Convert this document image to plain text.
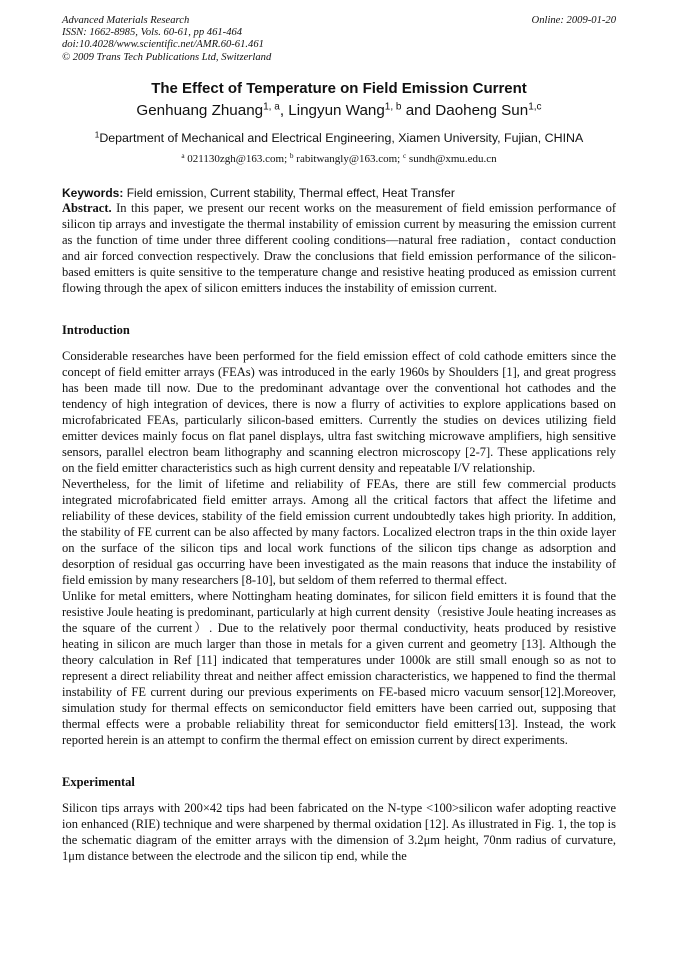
Advanced Materials Research
ISSN: 1662-8985, Vols. 60-61, pp 461-464
doi:10.4028/www.scientific.net/AMR.60-61.461
© 2009 Trans Tech Publications Ltd, Switzerland
Online: 2009-01-20
The Effect of Temperature on Field Emission Current
Genhuang Zhuang$^{1, a}$, Lingyun Wang$^{1, b}$ and Daoheng Sun$^{1,c}$
$^1$Department of Mechanical and Electrical Engineering, Xiamen University, Fujian, CHINA
$^a$ 021130zgh@163.com; $^b$ rabitwangly@163.com; $^c$ sundh@xmu.edu.cn
Keywords: Field emission, Current stability, Thermal effect, Heat Transfer

Abstract. In this paper, we present our recent works on the measurement of field emission performance of silicon tip arrays and investigate the thermal instability of emission current by measuring the emission current as the function of time under three different cooling conditions—natural free radiation，contact conduction and air forced convection respectively. Draw the conclusions that field emission performance of the silicon-based emitters is quite sensitive to the temperature change and resistive heating produced as emission current flowing through the apex of silicon emitters induces the instability of emission current.

Introduction

Considerable researches have been performed for the field emission effect of cold cathode emitters since the concept of field emitter arrays (FEAs) was introduced in the early 1960s by Shoulders [1], and great progress has been made till now. Due to the predominant advantage over the conventional hot cathodes and the tendency of high integration of devices, there is now a flurry of activities to explore applications based on microfabricated FEAs, particularly silicon-based emitters. Currently the studies on devices utilizing field emitter devices mainly focus on flat panel displays, ultra fast switching microwave amplifiers, high sensitive sensors, parallel electron beam lithography and scanning electron microscopy [2-7]. These applications rely on the field emitter characteristics such as high current density and repeatable I/V relationship.

Nevertheless, for the limit of lifetime and reliability of FEAs, there are still few commercial products integrated microfabricated field emitter arrays. Among all the critical factors that affect the lifetime and reliability of these devices, stability of the field emission current undoubtedly takes high priority. In addition, the stability of FE current can be also affected by many factors. Localized electron traps in the thin oxide layer on the surface of the silicon tips and local work functions of the silicon tips change as adsorption and desorption of residual gas occurring have been investigated as the main reasons that induce the instability of field emission by many researchers [8-10], but seldom of them referred to thermal effect.

Unlike for metal emitters, where Nottingham heating dominates, for silicon field emitters it is found that the resistive Joule heating is predominant, particularly at high current density（resistive Joule heating increases as the square of the current）. Due to the relatively poor thermal conductivity, heats produced by resistive heating in silicon are much larger than those in metals for a given current and geometry [13]. Although the theory calculation in Ref [11] indicated that temperatures under 1000k are still small enough so as not to represent a direct reliability threat and neither affect emission characteristics, we happened to find the thermal instability of FE current during our previous experiments on FE-based micro vacuum sensor[12].Moreover, simulation study for thermal effects on semiconductor field emitters have been carried out, supposing that thermal effects were a probable reliability threat for semiconductor field emitters[13]. Instead, the work reported herein is an attempt to confirm the thermal effect on emission current by direct experiments.

Experimental

Silicon tips arrays with 200×42 tips had been fabricated on the N-type <100>silicon wafer adopting reactive ion enhanced (RIE) technique and were sharpened by thermal oxidation [12]. As illustrated in Fig. 1, the top is the schematic diagram of the emitter arrays with the dimension of 3.2μm height, 70nm radius of curvature, 1μm distance between the electrode and the silicon tip end, while the
